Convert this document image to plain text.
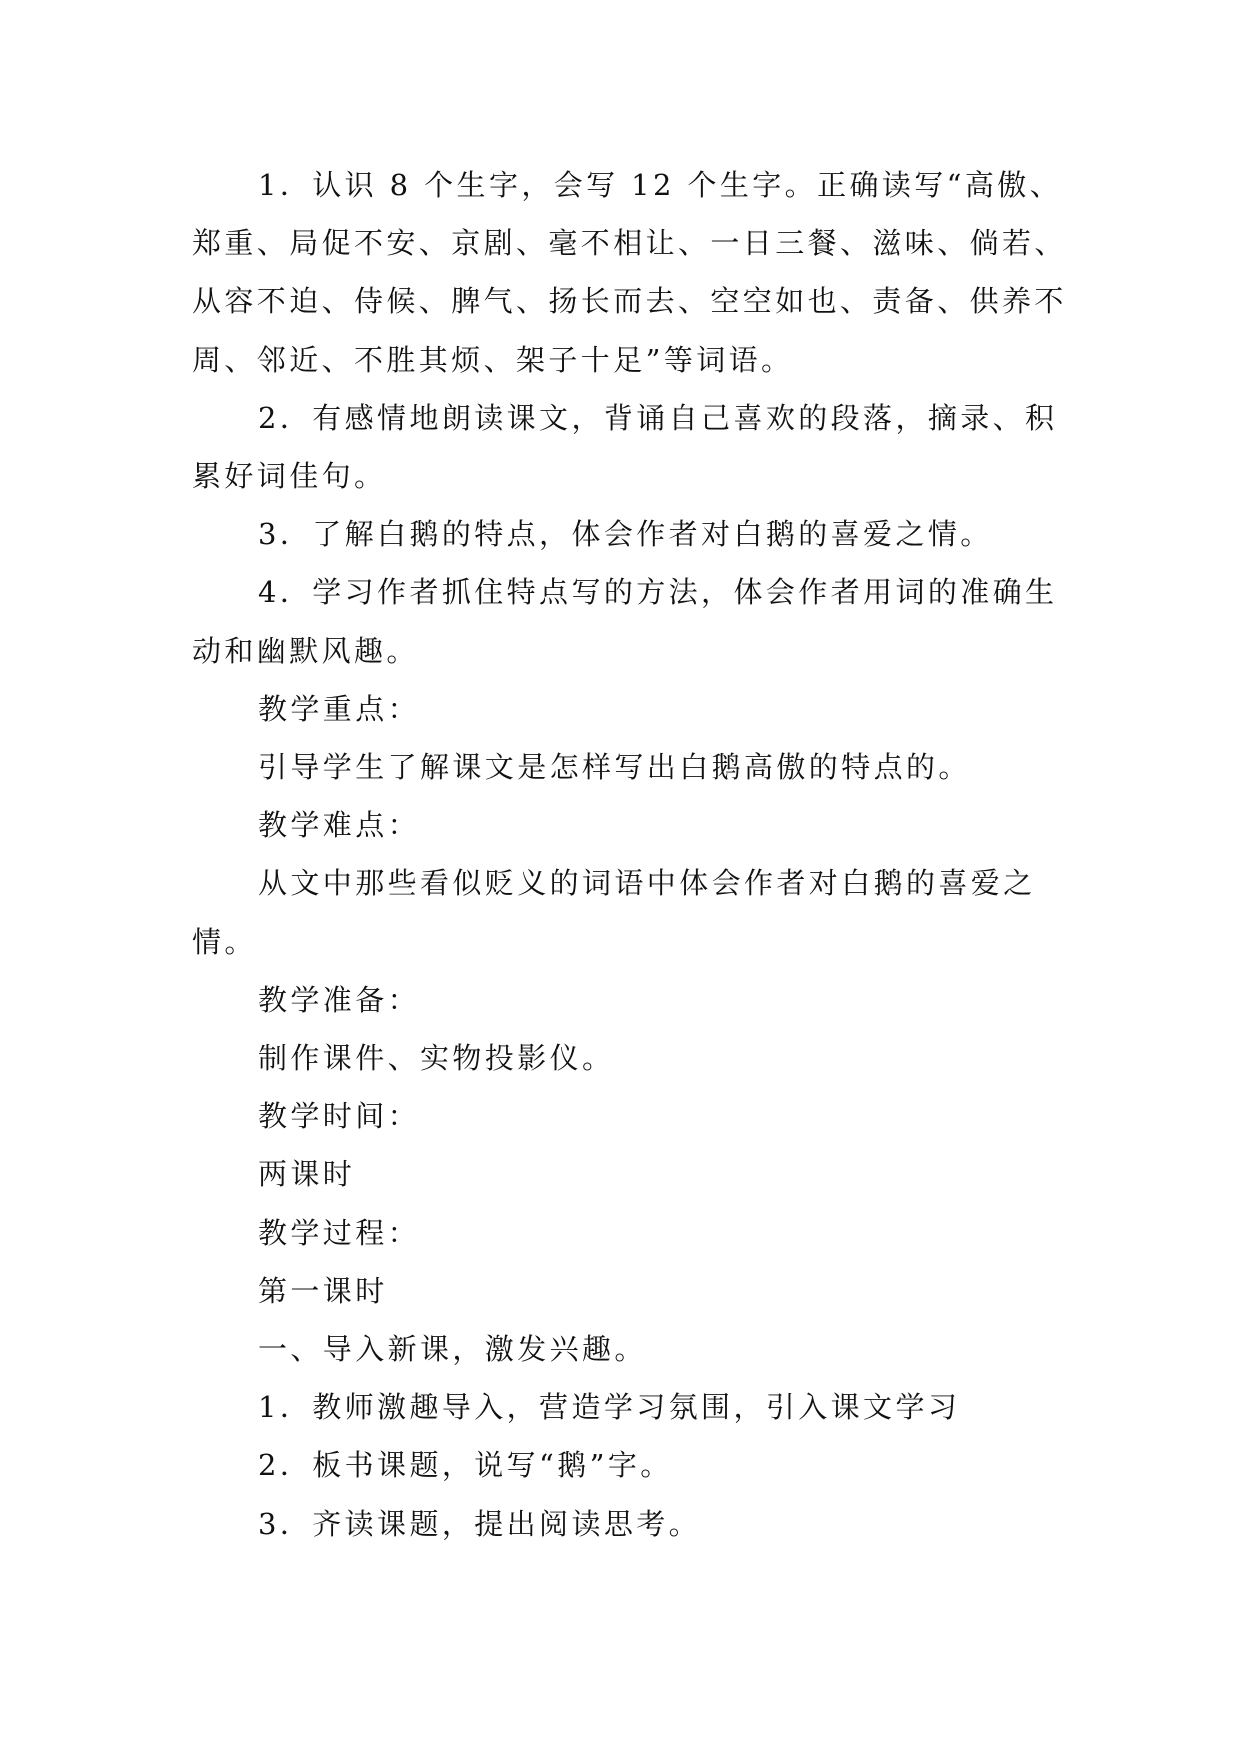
1．认识 8 个生字，会写 12 个生字。正确读写“高傲、郑重、局促不安、京剧、毫不相让、一日三餐、滋味、倘若、从容不迫、侍候、脾气、扬长而去、空空如也、责备、供养不周、邻近、不胜其烦、架子十足”等词语。

2．有感情地朗读课文，背诵自己喜欢的段落，摘录、积累好词佳句。

3．了解白鹅的特点，体会作者对白鹅的喜爱之情。

4．学习作者抓住特点写的方法，体会作者用词的准确生动和幽默风趣。

教学重点：

引导学生了解课文是怎样写出白鹅高傲的特点的。

教学难点：

从文中那些看似贬义的词语中体会作者对白鹅的喜爱之情。

教学准备：

制作课件、实物投影仪。

教学时间：

两课时

教学过程：

第一课时

一、导入新课，激发兴趣。

1．教师激趣导入，营造学习氛围，引入课文学习

2．板书课题，说写“鹅”字。

3．齐读课题，提出阅读思考。
